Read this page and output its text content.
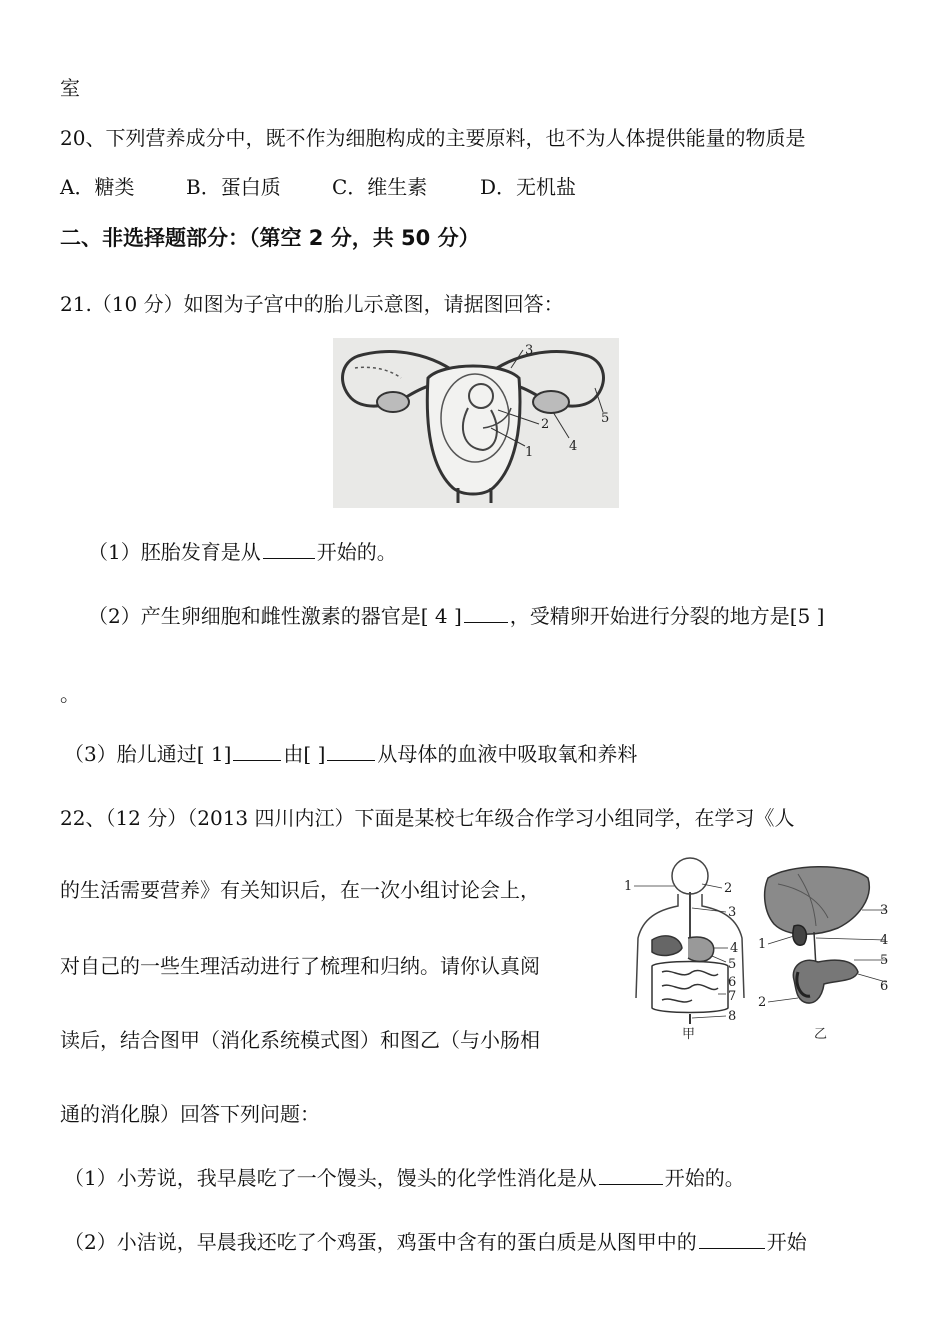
室
20、下列营养成分中，既不作为细胞构成的主要原料，也不为人体提供能量的物质是
A．糖类	B．蛋白质	C．维生素	D．无机盐
二、非选择题部分：（第空 2 分，共 50 分）
21.（10 分）如图为子宫中的胎儿示意图，请据图回答：
3
2	5
4
1
（1）胚胎发育是从	开始的。
（2）产生卵细胞和雌性激素的器官是[ 4 ] ，受精卵开始进行分裂的地方是[5 ]
。
（3）胎儿通过[ 1]	由[ ]	从母体的血液中吸取氧和养料
22、（12 分）（2013 四川内江）下面是某校七年级合作学习小组同学，在学习《人
的生活需要营养》有关知识后，在一次小组讨论会上，
对自己的一些生理活动进行了梳理和归纳。请你认真阅
读后，结合图甲（消化系统模式图）和图乙（与小肠相
通的消化腺）回答下列问题：
1	2
3
4
5
6
7
8
甲
3
4
1
5
6
2
乙
（1）小芳说，我早晨吃了一个馒头，馒头的化学性消化是从	开始的。
（2）小洁说，早晨我还吃了个鸡蛋，鸡蛋中含有的蛋白质是从图甲中的	开始
